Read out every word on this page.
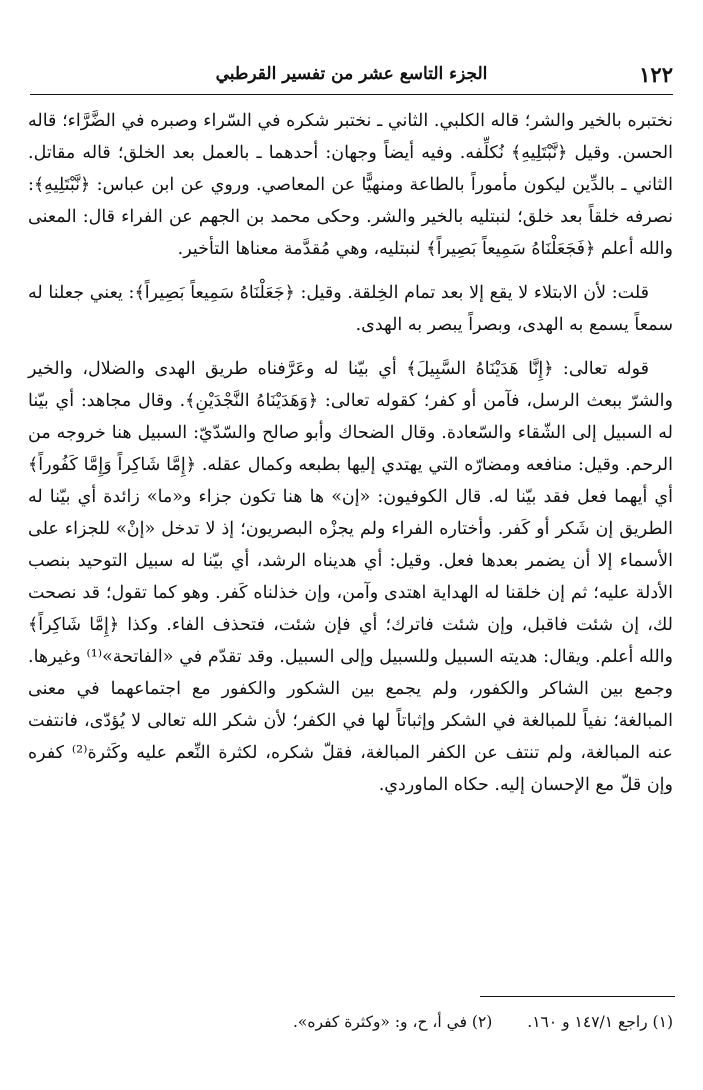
١٢٢
الجزء التاسع عشر من تفسير القرطبي

نختبره بالخير والشر؛ قاله الكلبي. الثاني ـ نختبر شكره في السّراء وصبره في الضَّرَّاء؛ قاله الحسن. وقيل ﴿نَّبْتَلِيهِ﴾ نُكلِّفه. وفيه أيضاً وجهان: أحدهما ـ بالعمل بعد الخلق؛ قاله مقاتل. الثاني ـ بالدِّين ليكون مأموراً بالطاعة ومنهيًّا عن المعاصي. وروي عن ابن عباس: ﴿نَّبْتَلِيهِ﴾: نصرفه خلقاً بعد خلق؛ لنبتليه بالخير والشر. وحكى محمد بن الجهم عن الفراء قال: المعنى والله أعلم ﴿فَجَعَلْنَاهُ سَمِيعاً بَصِيراً﴾ لنبتليه، وهي مُقدَّمة معناها التأخير.

قلت: لأن الابتلاء لا يقع إلا بعد تمام الخِلقة. وقيل: ﴿جَعَلْنَاهُ سَمِيعاً بَصِيراً﴾: يعني جعلنا له سمعاً يسمع به الهدى، وبصراً يبصر به الهدى.

قوله تعالى: ﴿إِنَّا هَدَيْنَاهُ السَّبِيلَ﴾ أي بيّنا له وعَرَّفناه طريق الهدى والضلال، والخير والشرّ ببعث الرسل، فآمن أو كفر؛ كقوله تعالى: ﴿وَهَدَيْنَاهُ النَّجْدَيْنِ﴾. وقال مجاهد: أي بيّنا له السبيل إلى الشّقاء والسّعادة. وقال الضحاك وأبو صالح والسّدّيّ: السبيل هنا خروجه من الرحم. وقيل: منافعه ومضارّه التي يهتدي إليها بطبعه وكمال عقله. ﴿إِمَّا شَاكِراً وَإِمَّا كَفُوراً﴾ أي أيهما فعل فقد بيّنا له. قال الكوفيون: «إن» ها هنا تكون جزاء و«ما» زائدة أي بيّنا له الطريق إن شَكر أو كَفر. وأختاره الفراء ولم يجزْه البصريون؛ إذ لا تدخل «إنْ» للجزاء على الأسماء إلا أن يضمر بعدها فعل. وقيل: أي هديناه الرشد، أي بيّنا له سبيل التوحيد بنصب الأدلة عليه؛ ثم إن خلقنا له الهداية اهتدى وآمن، وإن خذلناه كَفر. وهو كما تقول؛ قد نصحت لك، إن شئت فاقبل، وإن شئت فاترك؛ أي فإن شئت، فتحذف الفاء. وكذا ﴿إِمَّا شَاكِراً﴾ والله أعلم. ويقال: هديته السبيل وللسبيل وإلى السبيل. وقد تقدّم في «الفاتحة»⁽¹⁾ وغيرها. وجمع بين الشاكر والكفور، ولم يجمع بين الشكور والكفور مع اجتماعهما في معنى المبالغة؛ نفياً للمبالغة في الشكر وإثباتاً لها في الكفر؛ لأن شكر الله تعالى لا يُؤدّى، فانتفت عنه المبالغة، ولم تنتف عن الكفر المبالغة، فقلّ شكره، لكثرة النِّعم عليه وكَثرة⁽²⁾ كفره وإن قلّ مع الإحسان إليه. حكاه الماوردي.

(١) راجع ١٤٧/١ و ١٦٠. (٢) في أ، ح، و: «وكثرة كفره».
